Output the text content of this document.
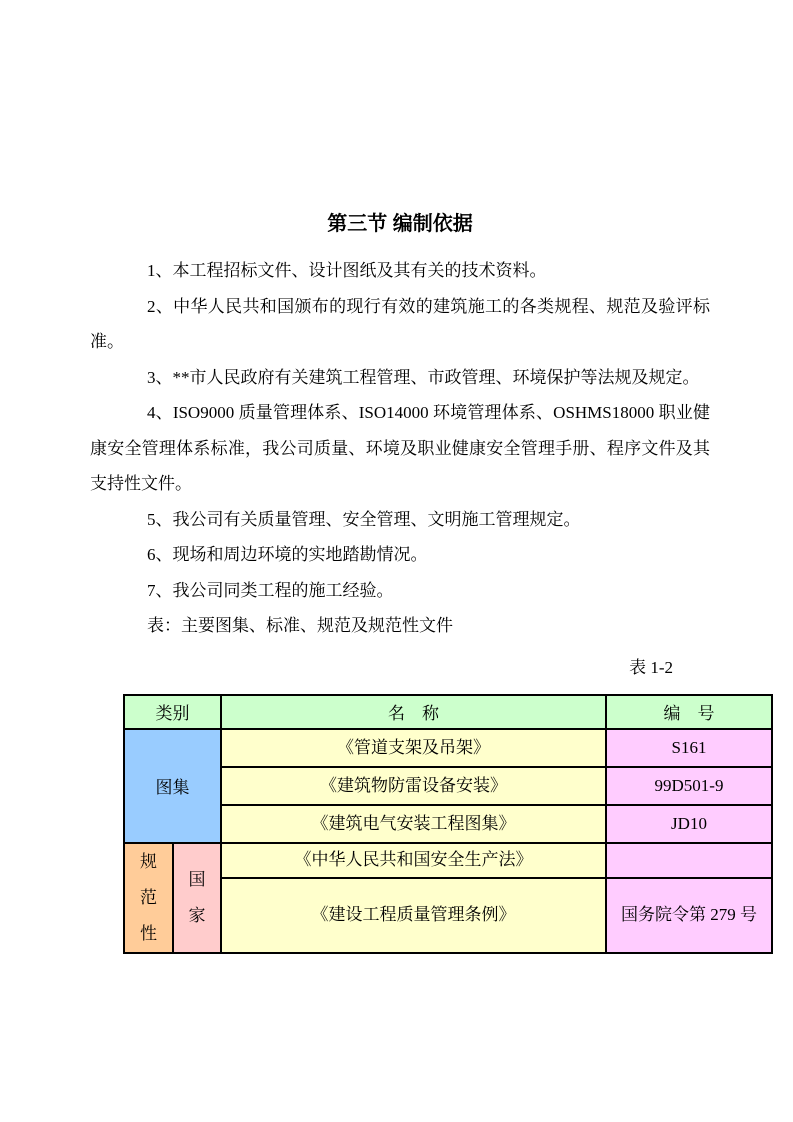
第三节 编制依据

1、本工程招标文件、设计图纸及其有关的技术资料。

2、中华人民共和国颁布的现行有效的建筑施工的各类规程、规范及验评标准。

3、**市人民政府有关建筑工程管理、市政管理、环境保护等法规及规定。

4、ISO9000 质量管理体系、ISO14000 环境管理体系、OSHMS18000 职业健康安全管理体系标准，我公司质量、环境及职业健康安全管理手册、程序文件及其支持性文件。

5、我公司有关质量管理、安全管理、文明施工管理规定。

6、现场和周边环境的实地踏勘情况。

7、我公司同类工程的施工经验。

表：主要图集、标准、规范及规范性文件

表 1-2
类别		名　称	编　号
图集		《管道支架及吊架》	S161
		《建筑物防雷设备安装》	99D501-9
		《建筑电气安装工程图集》	JD10

规范性	国家	《中华人民共和国安全生产法》	
		《建设工程质量管理条例》	国务院令第 279 号
